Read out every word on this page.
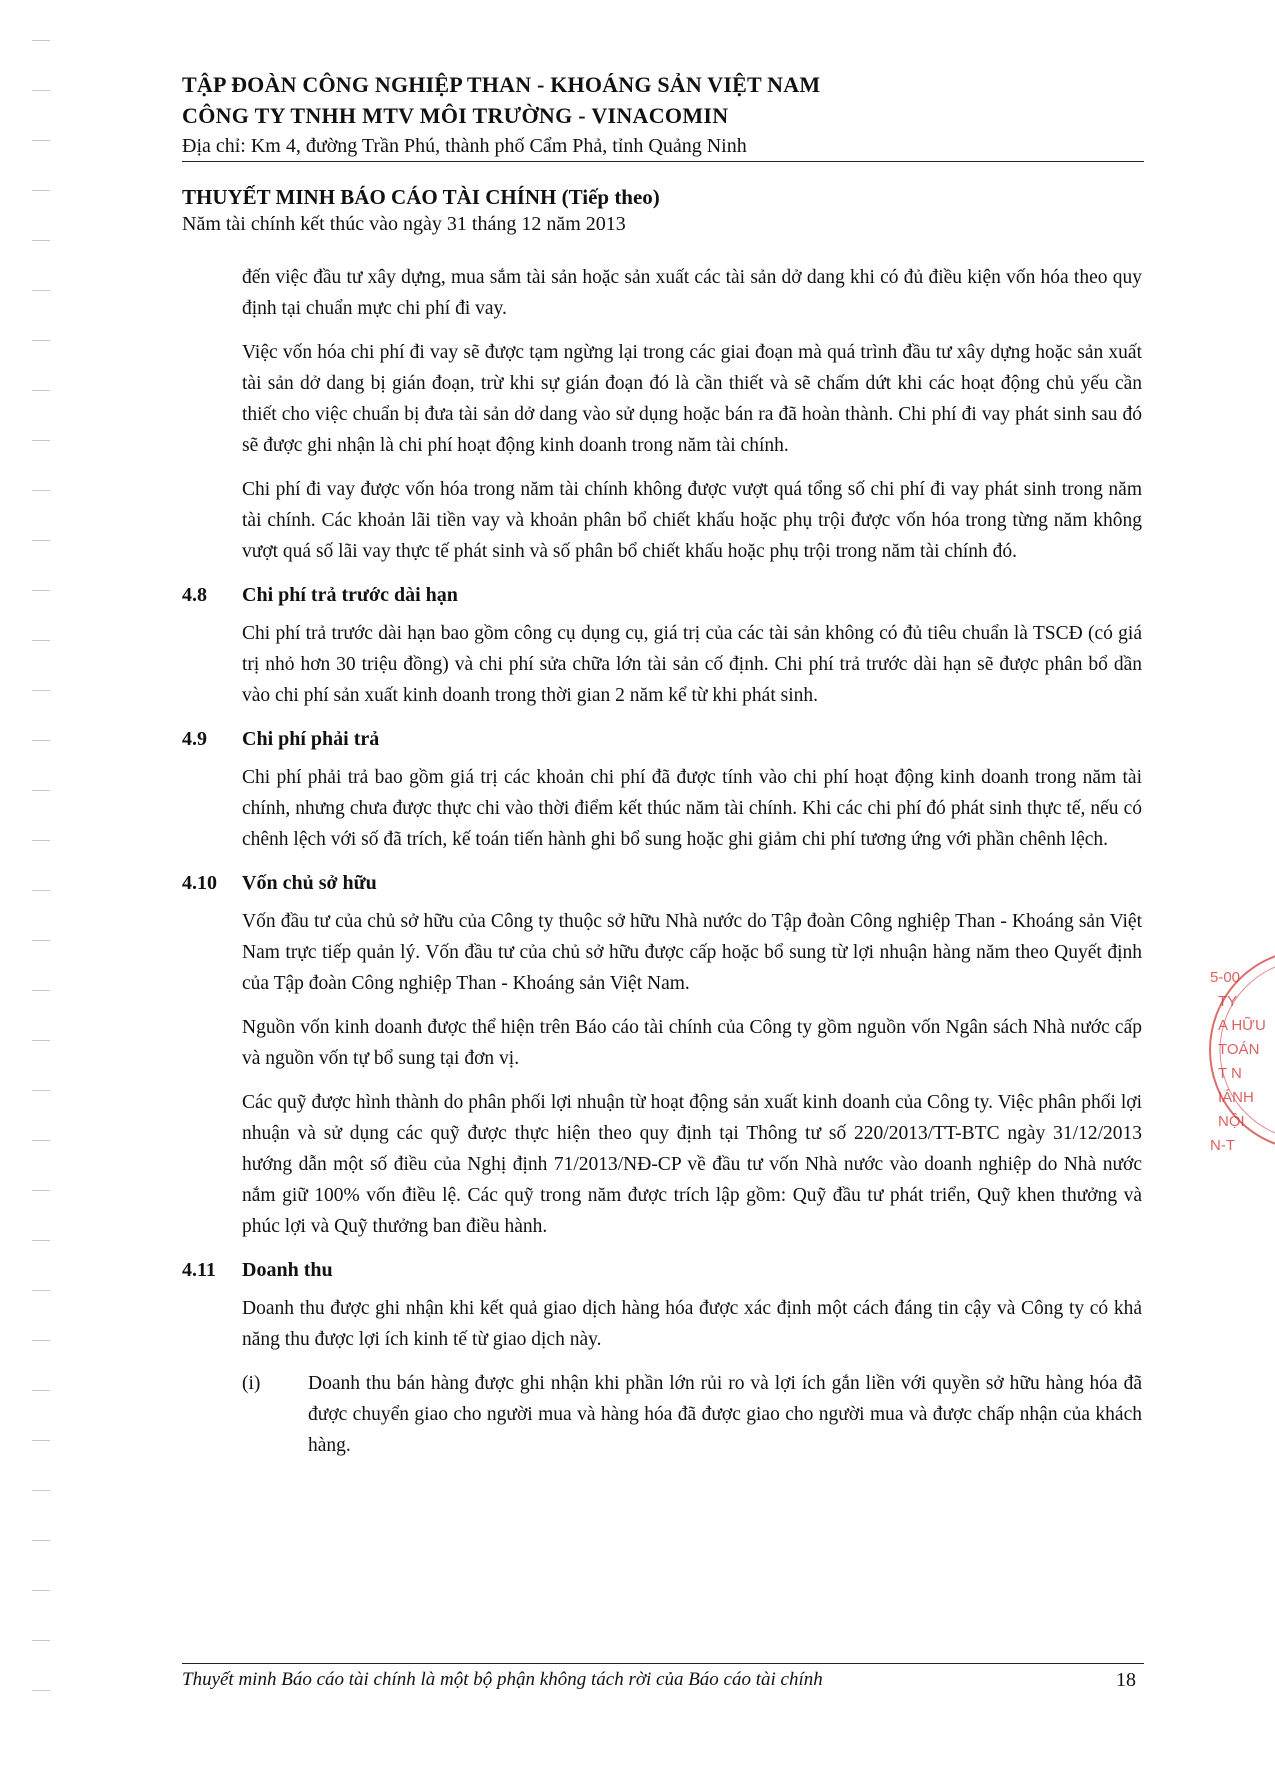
TẬP ĐOÀN CÔNG NGHIỆP THAN - KHOÁNG SẢN VIỆT NAM
CÔNG TY TNHH MTV MÔI TRƯỜNG - VINACOMIN
Địa chỉ: Km 4, đường Trần Phú, thành phố Cẩm Phả, tỉnh Quảng Ninh
THUYẾT MINH BÁO CÁO TÀI CHÍNH (Tiếp theo)
Năm tài chính kết thúc vào ngày 31 tháng 12 năm 2013

đến việc đầu tư xây dựng, mua sắm tài sản hoặc sản xuất các tài sản dở dang khi có đủ điều kiện vốn hóa theo quy định tại chuẩn mực chi phí đi vay.

Việc vốn hóa chi phí đi vay sẽ được tạm ngừng lại trong các giai đoạn mà quá trình đầu tư xây dựng hoặc sản xuất tài sản dở dang bị gián đoạn, trừ khi sự gián đoạn đó là cần thiết và sẽ chấm dứt khi các hoạt động chủ yếu cần thiết cho việc chuẩn bị đưa tài sản dở dang vào sử dụng hoặc bán ra đã hoàn thành. Chi phí đi vay phát sinh sau đó sẽ được ghi nhận là chi phí hoạt động kinh doanh trong năm tài chính.

Chi phí đi vay được vốn hóa trong năm tài chính không được vượt quá tổng số chi phí đi vay phát sinh trong năm tài chính. Các khoản lãi tiền vay và khoản phân bổ chiết khấu hoặc phụ trội được vốn hóa trong từng năm không vượt quá số lãi vay thực tế phát sinh và số phân bổ chiết khấu hoặc phụ trội trong năm tài chính đó.

4.8	Chi phí trả trước dài hạn

Chi phí trả trước dài hạn bao gồm công cụ dụng cụ, giá trị của các tài sản không có đủ tiêu chuẩn là TSCĐ (có giá trị nhỏ hơn 30 triệu đồng) và chi phí sửa chữa lớn tài sản cố định. Chi phí trả trước dài hạn sẽ được phân bổ dần vào chi phí sản xuất kinh doanh trong thời gian 2 năm kể từ khi phát sinh.

4.9	Chi phí phải trả

Chi phí phải trả bao gồm giá trị các khoản chi phí đã được tính vào chi phí hoạt động kinh doanh trong năm tài chính, nhưng chưa được thực chi vào thời điểm kết thúc năm tài chính. Khi các chi phí đó phát sinh thực tế, nếu có chênh lệch với số đã trích, kế toán tiến hành ghi bổ sung hoặc ghi giảm chi phí tương ứng với phần chênh lệch.

4.10	Vốn chủ sở hữu

Vốn đầu tư của chủ sở hữu của Công ty thuộc sở hữu Nhà nước do Tập đoàn Công nghiệp Than - Khoáng sản Việt Nam trực tiếp quản lý. Vốn đầu tư của chủ sở hữu được cấp hoặc bổ sung từ lợi nhuận hàng năm theo Quyết định của Tập đoàn Công nghiệp Than - Khoáng sản Việt Nam.

Nguồn vốn kinh doanh được thể hiện trên Báo cáo tài chính của Công ty gồm nguồn vốn Ngân sách Nhà nước cấp và nguồn vốn tự bổ sung tại đơn vị.

Các quỹ được hình thành do phân phối lợi nhuận từ hoạt động sản xuất kinh doanh của Công ty. Việc phân phối lợi nhuận và sử dụng các quỹ được thực hiện theo quy định tại Thông tư số 220/2013/TT-BTC ngày 31/12/2013 hướng dẫn một số điều của Nghị định 71/2013/NĐ-CP về đầu tư vốn Nhà nước vào doanh nghiệp do Nhà nước nắm giữ 100% vốn điều lệ. Các quỹ trong năm được trích lập gồm: Quỹ đầu tư phát triển, Quỹ khen thưởng và phúc lợi và Quỹ thưởng ban điều hành.

4.11	Doanh thu

Doanh thu được ghi nhận khi kết quả giao dịch hàng hóa được xác định một cách đáng tin cậy và Công ty có khả năng thu được lợi ích kinh tế từ giao dịch này.

(i)	Doanh thu bán hàng được ghi nhận khi phần lớn rủi ro và lợi ích gắn liền với quyền sở hữu hàng hóa đã được chuyển giao cho người mua và hàng hóa đã được giao cho người mua và được chấp nhận của khách hàng.
Thuyết minh Báo cáo tài chính là một bộ phận không tách rời của Báo cáo tài chính	18
5-00
TY
A HỮU
TOÁN
T N
IÁNH
NỘI
N-T
